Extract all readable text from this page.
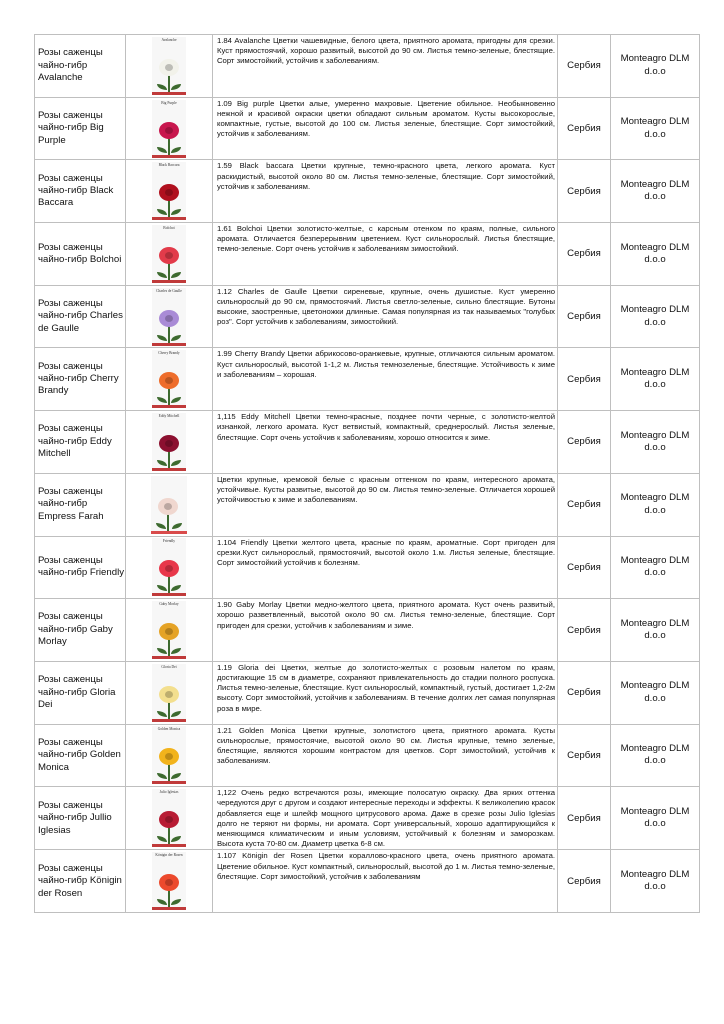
Розы саженцы чайно-гибр Avalanche	Avalanche	1.84 Avalanche Цветки чашевидные, белого цвета, приятного аромата, пригодны для срезки. Куст прямостоячий, хорошо развитый, высотой до 90 см. Листья темно-зеленые, блестящие. Сорт зимостойкий, устойчив к заболеваниям.	Сербия	Monteagro DLM d.o.o
Розы саженцы чайно-гибр Big Purple	Big Purple	1.09 Big purple Цветки алые, умеренно махровые. Цветение обильное. Необыкновенно нежной и красивой окраски цветки обладают сильным ароматом. Кусты высокорослые, компактные, густые, высотой до 100 см. Листья зеленые, блестящие. Сорт зимостойкий, устойчив к заболеваниям.	Сербия	Monteagro DLM d.o.o
Розы саженцы чайно-гибр Black Baccara	Black Baccara	1.59 Black baccara Цветки крупные, темно-красного цвета, легкого аромата. Куст раскидистый, высотой около 80 см. Листья темно-зеленые, блестящие. Сорт зимостойкий, устойчив к заболеваниям.	Сербия	Monteagro DLM d.o.o
Розы саженцы чайно-гибр Bolchoi	Bolchoi	1.61 Bolchoi Цветки золотисто-желтые, с карсным отенком по краям, полные, сильного аромата. Отличается безперерывним цветением. Куст сильнорослый. Листья блестящие, темно-зеленые. Сорт очень устойчив к заболеваниям зимостойкий.	Сербия	Monteagro DLM d.o.o
Розы саженцы чайно-гибр Charles de Gaulle	Charles de Gaulle	1.12 Charles de Gaulle Цветки сиреневые, крупные, очень душистые. Куст умеренно сильнорослый до 90 см, прямостоячий. Листья светло-зеленые, сильно блестящие. Бутоны высокие, заостренные, цветоножки длинные. Самая популярная из так называемых "голубых роз". Сорт устойчив к заболеваниям, зимостойкий.	Сербия	Monteagro DLM d.o.o
Розы саженцы чайно-гибр Cherry Brandy	Cherry Brandy	1.99 Cherry Brandy Цветки абрикосово-оранжевые, крупные, отличаются сильным ароматом. Куст сильнорослый, высотой 1-1,2 м. Листья темнозеленые, блестящие. Устойчивость к зиме и заболеваниям – хорошая.	Сербия	Monteagro DLM d.o.o
Розы саженцы чайно-гибр Eddy Mitchell	Eddy Mitchell	1,115 Eddy Mitchell Цветки темно-красные, позднее почти черные, с золотисто-желтой изнанкой, легкого аромата. Куст ветвистый, компактный, среднерослый. Листья зеленые, блестящие. Сорт очень устойчив к заболеваниям, хорошо относится к зиме.	Сербия	Monteagro DLM d.o.o
Розы саженцы чайно-гибр Empress Farah		Цветки крупные, кремовой белые с красным оттенком по краям, интересного аромата, устойчивые. Кусты развитые, высотой до 90 см. Листья темно-зеленые. Отличается хорошей устойчивостью к зиме и заболеваниям.	Сербия	Monteagro DLM d.o.o
Розы саженцы чайно-гибр Friendly	Friendly	1.104 Friendly Цветки желтого цвета, красные по краям, ароматные. Сорт пригоден для срезки.Куст сильнорослый, прямостоячий, высотой около 1.м. Листья зеленые, блестящие. Сорт зимостойкий устойчив к болезням.	Сербия	Monteagro DLM d.o.o
Розы саженцы чайно-гибр Gaby Morlay	Gaby Morlay	1.90 Gaby Morlay Цветки медно-желтого цвета, приятного аромата. Куст очень развитый, хорошо разветвленный, высотой около 90 см. Листья темно-зеленые, блестящие. Сорт пригоден для срезки, устойчив к заболеваниям и зиме.	Сербия	Monteagro DLM d.o.o
Розы саженцы чайно-гибр Gloria Dei	Gloria Dei	1.19 Gloria dei Цветки, желтые до золотисто-желтых с розовым налетом по краям, достигающие 15 см в диаметре, сохраняют привлекательность до стадии полного роспуска. Листья темно-зеленые, блестящие. Куст сильнорослый, компактный, густый, достигает 1,2-2м высоту. Сорт зимостойкий, устойчив к заболеваниям. В течение долгих лет самая популярная роза в мире.	Сербия	Monteagro DLM d.o.o
Розы саженцы чайно-гибр Golden Monica	Golden Monica	1.21 Golden Monica Цветки крупные, золотистого цвета, приятного аромата. Кусты сильнорослые, прямостоячие, высотой около 90 см. Листья крупные, темно зеленые, блестящие, являются хорошим контрастом для цветков. Сорт зимостойкий, устойчив к заболеваниям.	Сербия	Monteagro DLM d.o.o
Розы саженцы чайно-гибр Jullio Iglesias	Julio Iglesias	1,122 Очень редко встречаются розы, имеющие полосатую окраску. Два ярких оттенка чередуются друг с другом и создают интересные переходы и эффекты. К великолепию красок добавляется еще и шлейф мощного цитрусового арома. Даже в срезке розы Julio Iglesias долго не теряют ни формы, ни аромата. Сорт универсальный, хорошо адаптирующийся к меняющимся климатическим и иным условиям, устойчивый к болезням и заморозкам. Высота куста 70-80 см. Диаметр цветка 6-8 см.	Сербия	Monteagro DLM d.o.o
Розы саженцы чайно-гибр Königin der Rosen	Königin der Rosen	1.107 Königin der Rosen Цветки кораллово-красного цвета, очень приятного аромата. Цветение обильное. Куст компактный, сильнорослый, высотой до 1 м. Листья темно-зеленые, блестящие. Сорт зимостойкий, устойчив к заболеваниям	Сербия	Monteagro DLM d.o.o
